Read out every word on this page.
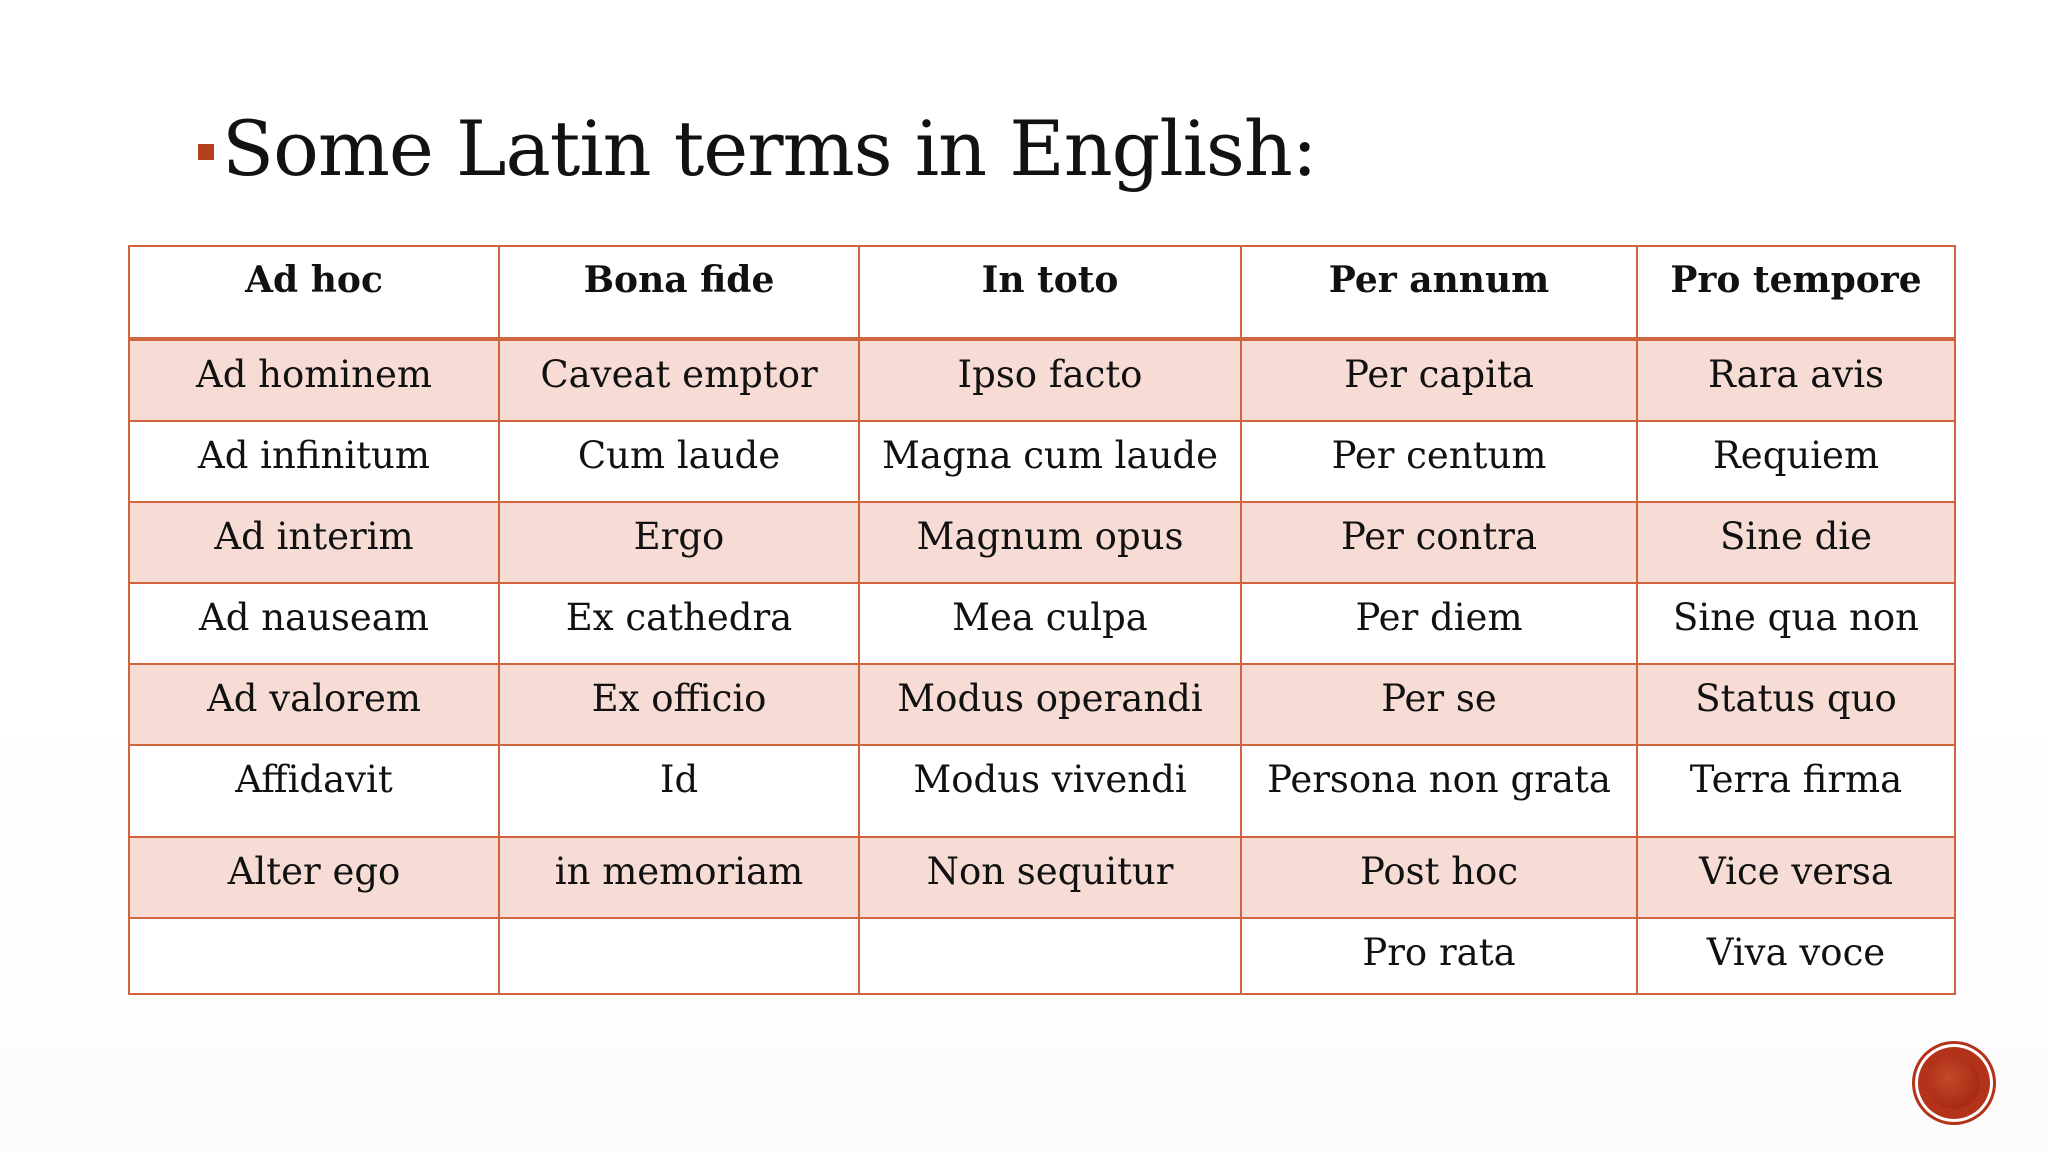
Some Latin terms in English:
Ad hoc	Bona fide	In toto	Per annum	Pro tempore
Ad hominem	Caveat emptor	Ipso facto	Per capita	Rara avis
Ad infinitum	Cum laude	Magna cum laude	Per centum	Requiem
Ad interim	Ergo	Magnum opus	Per contra	Sine die
Ad nauseam	Ex cathedra	Mea culpa	Per diem	Sine qua non
Ad valorem	Ex officio	Modus operandi	Per se	Status quo
Affidavit	Id	Modus vivendi	Persona non grata	Terra firma
Alter ego	in memoriam	Non sequitur	Post hoc	Vice versa
			Pro rata	Viva voce
